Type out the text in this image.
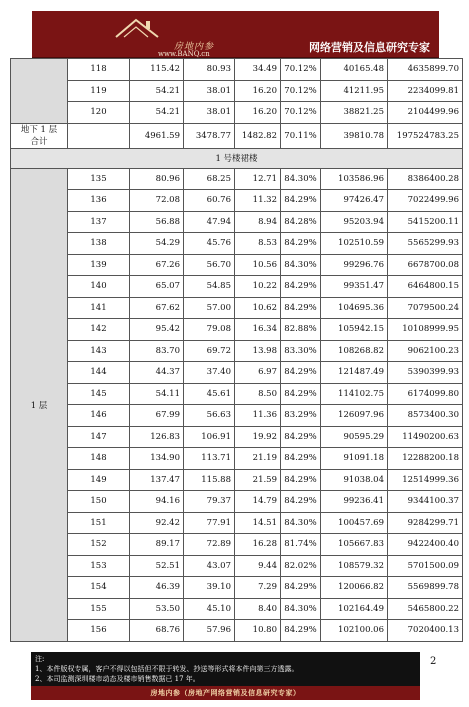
房地内参
www.BANQ.cn	网络营销及信息研究专家
	118	115.42	80.93	34.49	70.12%	40165.48	4635899.70
	119	54.21	38.01	16.20	70.12%	41211.95	2234099.81
	120	54.21	38.01	16.20	70.12%	38821.25	2104499.96

地下 1 层
合计		4961.59	3478.77	1482.82	70.11%	39810.78	197524783.25
1 号楼裙楼							
1 层	135	80.96	68.25	12.71	84.30%	103586.96	8386400.28
	136	72.08	60.76	11.32	84.29%	97426.47	7022499.96
	137	56.88	47.94	8.94	84.28%	95203.94	5415200.11
	138	54.29	45.76	8.53	84.29%	102510.59	5565299.93
	139	67.26	56.70	10.56	84.30%	99296.76	6678700.08
	140	65.07	54.85	10.22	84.29%	99351.47	6464800.15
	141	67.62	57.00	10.62	84.29%	104695.36	7079500.24
	142	95.42	79.08	16.34	82.88%	105942.15	10108999.95
	143	83.70	69.72	13.98	83.30%	108268.82	9062100.23
	144	44.37	37.40	6.97	84.29%	121487.49	5390399.93
	145	54.11	45.61	8.50	84.29%	114102.75	6174099.80
	146	67.99	56.63	11.36	83.29%	126097.96	8573400.30
	147	126.83	106.91	19.92	84.29%	90595.29	11490200.63
	148	134.90	113.71	21.19	84.29%	91091.18	12288200.18
	149	137.47	115.88	21.59	84.29%	91038.04	12514999.36
	150	94.16	79.37	14.79	84.29%	99236.41	9344100.37
	151	92.42	77.91	14.51	84.30%	100457.69	9284299.71
	152	89.17	72.89	16.28	81.74%	105667.83	9422400.40
	153	52.51	43.07	9.44	82.02%	108579.32	5701500.09
	154	46.39	39.10	7.29	84.29%	120066.82	5569899.78
	155	53.50	45.10	8.40	84.30%	102164.49	5465800.22
	156	68.76	57.96	10.80	84.29%	102100.06	7020400.13
2
注:
1、本件版权专属，客户不得以包括但不限于转发、抄送等形式将本件向第三方透露。
2、本司监测深圳楼市动态及楼市销售数据已 17 年。
房地内参（房地产网络营销及信息研究专家）
